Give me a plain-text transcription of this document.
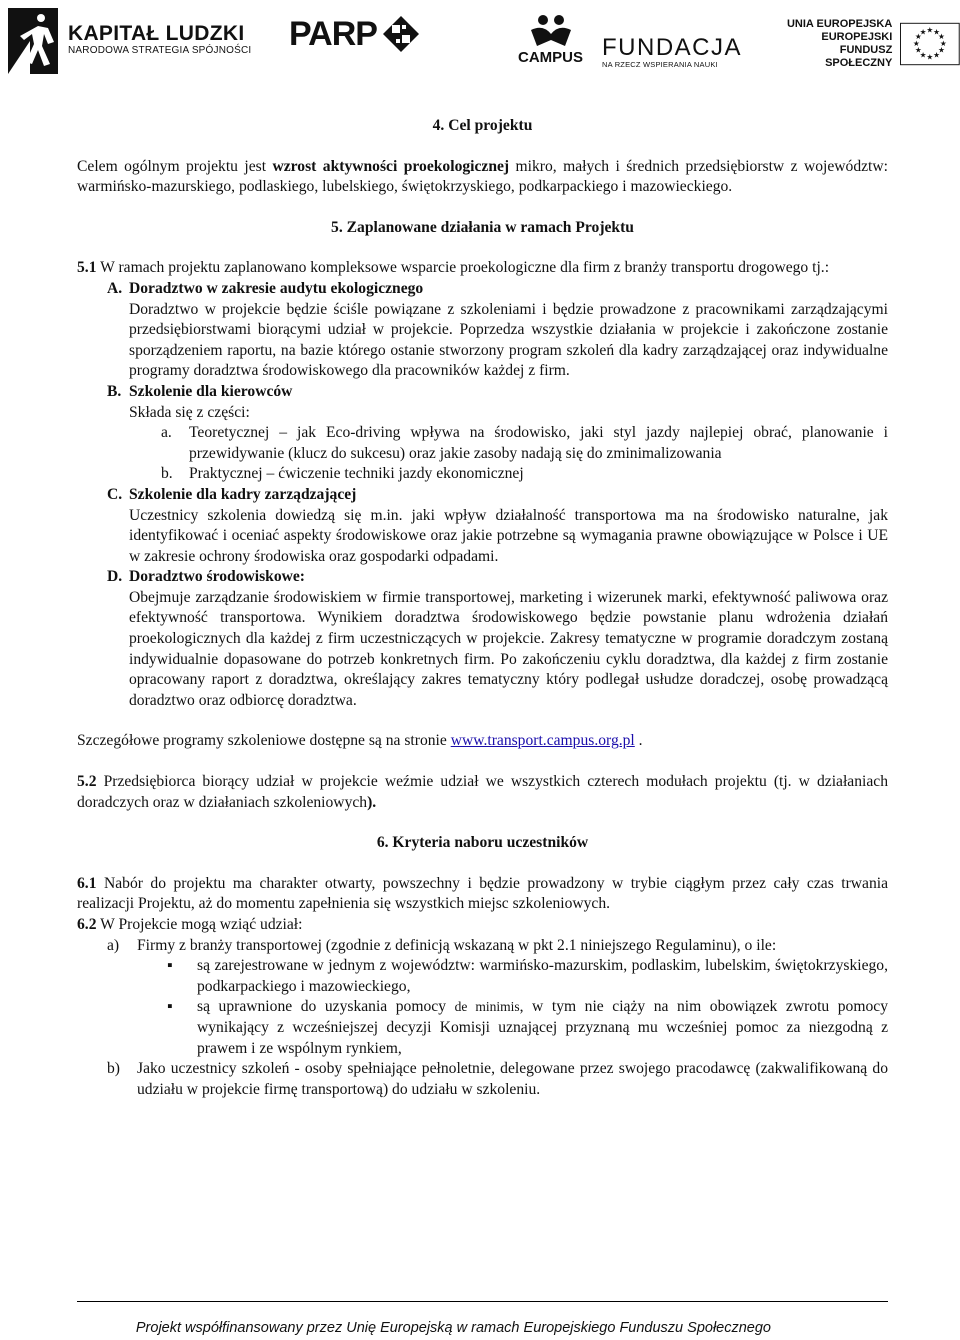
KAPITAŁ LUDZKI
NARODOWA STRATEGIA SPÓJNOŚCI PARP
CAMPUS FUNDACJA
NA RZECZ WSPIERANIA NAUKI
UNIA EUROPEJSKA
EUROPEJSKI
FUNDUSZ SPOŁECZNY
★ ★
★
★
★
★
★
★
★
★
★
★

4. Cel projektu

Celem ogólnym projektu jest wzrost aktywności proekologicznej mikro, małych i średnich przedsiębiorstw z województw: warmińsko-mazurskiego, podlaskiego, lubelskiego, świętokrzyskiego, podkarpackiego i mazowieckiego.

5. Zaplanowane działania w ramach Projektu

5.1 W ramach projektu zaplanowano kompleksowe wsparcie proekologiczne dla firm z branży transportu drogowego tj.:

A. Doradztwo w zakresie audytu ekologicznego

Doradztwo w projekcie będzie ściśle powiązane z szkoleniami i będzie prowadzone z pracownikami zarządzającymi przedsiębiorstwami biorącymi udział w projekcie. Poprzedza wszystkie działania w projekcie i zakończone zostanie sporządzeniem raportu, na bazie którego ostanie stworzony program szkoleń dla kadry zarządzającej oraz indywidualne programy doradztwa środowiskowego dla pracowników każdej z firm.

B. Szkolenie dla kierowców

Składa się z części:

a.	Teoretycznej – jak Eco-driving wpływa na środowisko, jaki styl jazdy najlepiej obrać, planowanie i przewidywanie (klucz do sukcesu) oraz jakie zasoby nadają się do zminimalizowania

b.	Praktycznej – ćwiczenie techniki jazdy ekonomicznej

C. Szkolenie dla kadry zarządzającej

Uczestnicy szkolenia dowiedzą się m.in. jaki wpływ działalność transportowa ma na środowisko naturalne, jak identyfikować i oceniać aspekty środowiskowe oraz jakie potrzebne są wymagania prawne obowiązujące w Polsce i UE w zakresie ochrony środowiska oraz gospodarki odpadami.

D. Doradztwo środowiskowe:

Obejmuje zarządzanie środowiskiem w firmie transportowej, marketing i wizerunek marki, efektywność paliwowa oraz efektywność transportowa. Wynikiem doradztwa środowiskowego będzie powstanie planu wdrożenia działań proekologicznych dla każdej z firm uczestniczących w projekcie. Zakresy tematyczne w programie doradczym zostaną indywidualnie dopasowane do potrzeb konkretnych firm. Po zakończeniu cyklu doradztwa, dla każdej z firm zostanie opracowany raport z doradztwa, określający zakres tematyczny który podlegał usłudze doradczej, osobę prowadzącą doradztwo oraz odbiorcę doradztwa.

Szczegółowe programy szkoleniowe dostępne są na stronie www.transport.campus.org.pl .

5.2 Przedsiębiorca biorący udział w projekcie weźmie udział we wszystkich czterech modułach projektu (tj. w działaniach doradczych oraz w działaniach szkoleniowych).

6. Kryteria naboru uczestników

6.1 Nabór do projektu ma charakter otwarty, powszechny i będzie prowadzony w trybie ciągłym przez cały czas trwania realizacji Projektu, aż do momentu zapełnienia się wszystkich miejsc szkoleniowych.

6.2 W Projekcie mogą wziąć udział:

a)	Firmy z branży transportowej (zgodnie z definicją wskazaną w pkt 2.1 niniejszego Regulaminu), o ile:

▪	są zarejestrowane w jednym z województw: warmińsko-mazurskim, podlaskim, lubelskim, świętokrzyskiego, podkarpackiego i mazowieckiego,

▪	są uprawnione do uzyskania pomocy de minimis, w tym nie ciąży na nim obowiązek zwrotu pomocy wynikający z wcześniejszej decyzji Komisji uznającej przyznaną mu wcześniej pomoc za niezgodną z prawem i ze wspólnym rynkiem,

b)	Jako uczestnicy szkoleń - osoby spełniające pełnoletnie, delegowane przez swojego pracodawcę (zakwalifikowaną do udziału w projekcie firmę transportową) do udziału w szkoleniu.

Projekt współfinansowany przez Unię Europejską w ramach Europejskiego Funduszu Społecznego
